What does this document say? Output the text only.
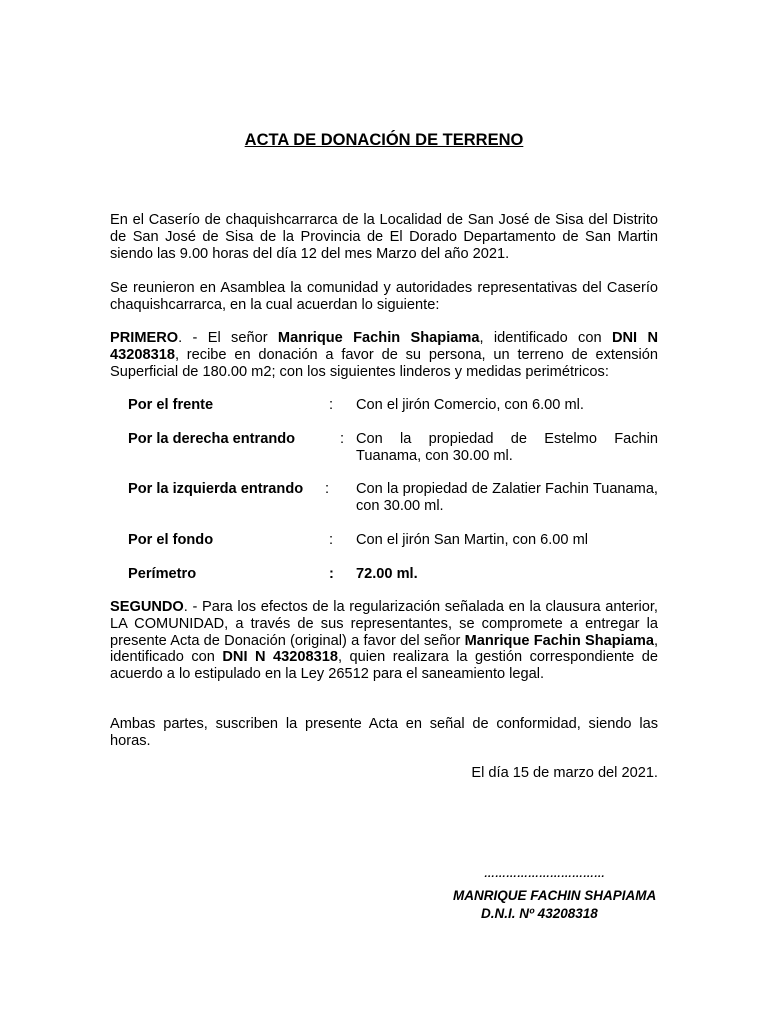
ACTA DE DONACIÓN DE TERRENO
En el Caserío de chaquishcarrarca de la Localidad de San José de Sisa del Distrito de San José de Sisa de la Provincia de El Dorado Departamento de San Martin siendo las 9.00 horas del día 12 del mes Marzo del año 2021.
Se reunieron en Asamblea la comunidad y autoridades representativas del Caserío chaquishcarrarca, en la cual acuerdan lo siguiente:
PRIMERO. - El señor Manrique Fachin Shapiama, identificado con DNI N 43208318, recibe en donación a favor de su persona, un terreno de extensión Superficial de 180.00 m2; con los siguientes linderos y medidas perimétricos:
Por el frente	: Con el jirón Comercio, con 6.00 ml.
Por la derecha entrando	: Con la propiedad de Estelmo Fachin Tuanama, con 30.00 ml.
Por la izquierda entrando : Con la propiedad de Zalatier Fachin Tuanama, con 30.00 ml.
Por el fondo	: Con el jirón San Martin, con 6.00 ml
Perímetro	: 72.00 ml.
SEGUNDO. - Para los efectos de la regularización señalada en la clausura anterior, LA COMUNIDAD, a través de sus representantes, se compromete a entregar la presente Acta de Donación (original) a favor del señor Manrique Fachin Shapiama, identificado con DNI N 43208318, quien realizara la gestión correspondiente de acuerdo a lo estipulado en la Ley 26512 para el saneamiento legal.
Ambas partes, suscriben la presente Acta en señal de conformidad, siendo las horas.
El día 15 de marzo del 2021.
……………………………
MANRIQUE FACHIN SHAPIAMA
D.N.I. Nº 43208318
